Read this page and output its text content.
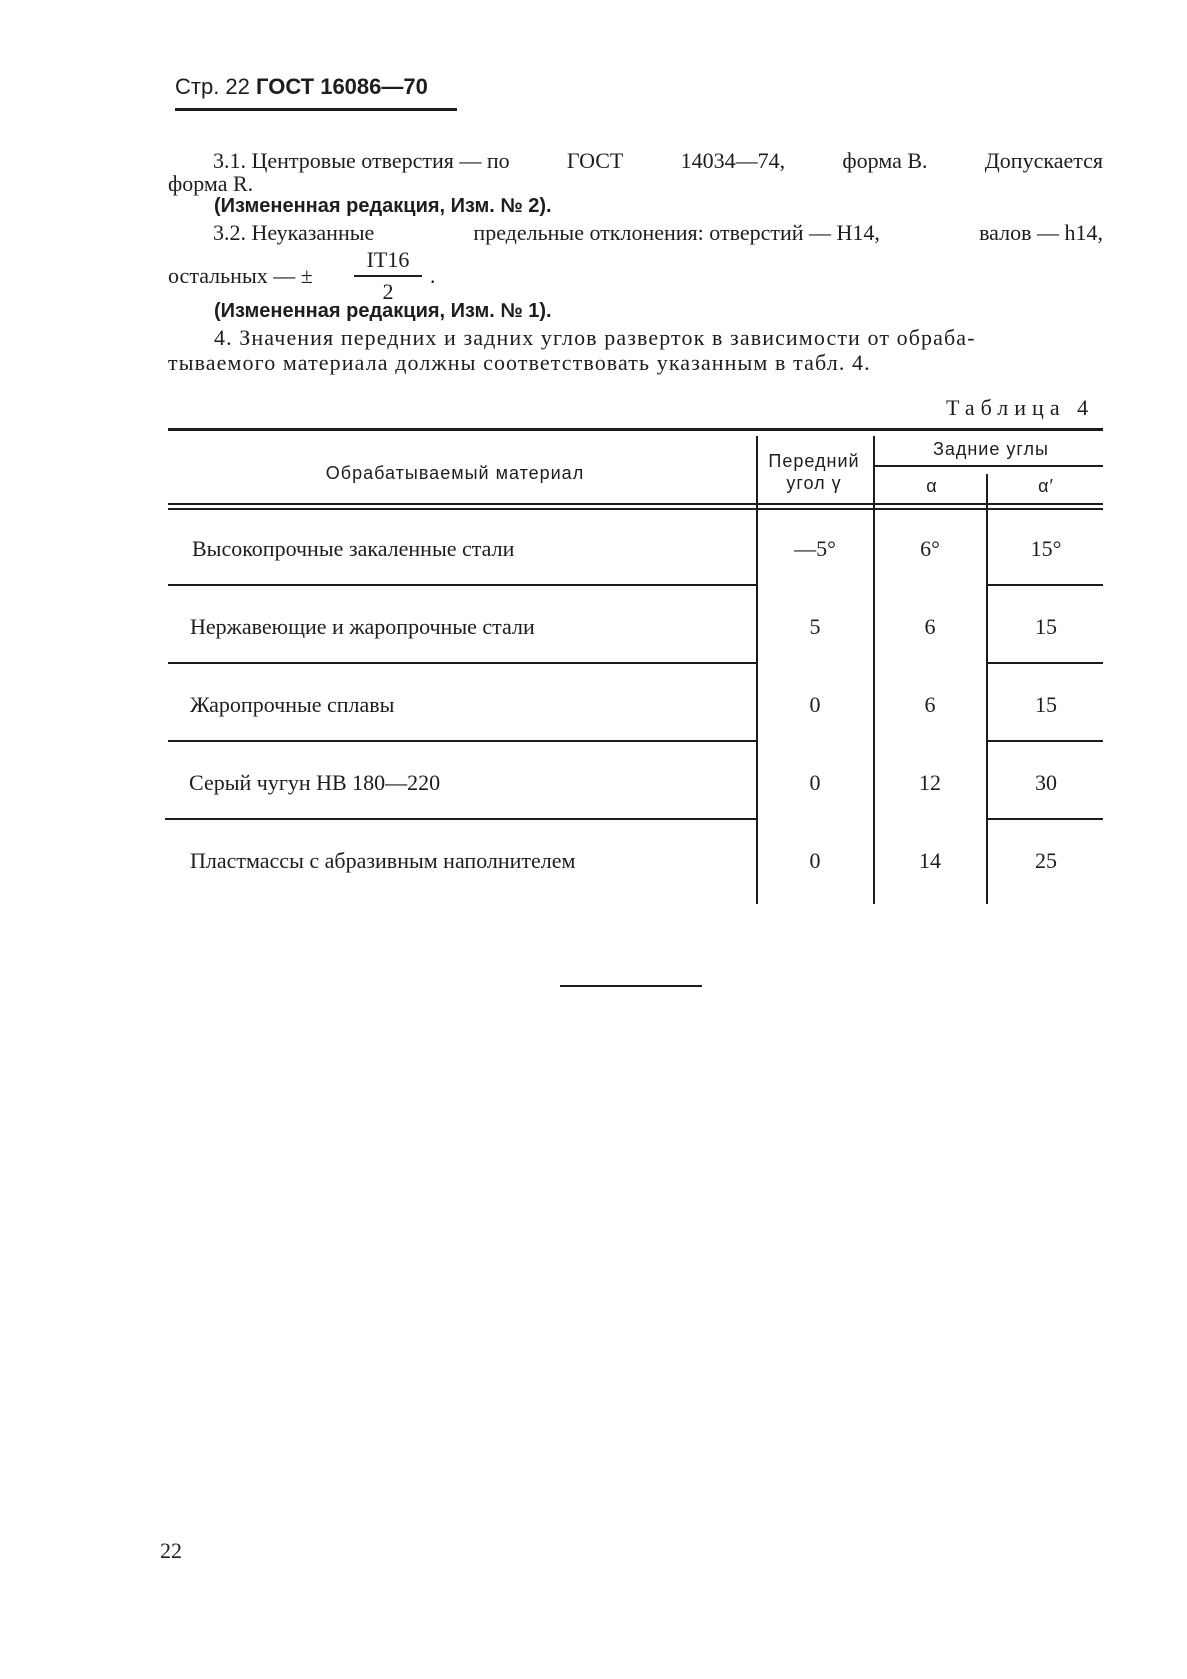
Стр. 22 ГОСТ 16086—70
3.1. Центровые отверстия — по	ГОСТ	14034—74,	форма В.	Допускается
форма R.
(Измененная редакция, Изм. № 2).
3.2. Неуказанные	предельные отклонения: отверстий — Н14,	валов — h14,
остальных — ±
IT16
2
.
(Измененная редакция, Изм. № 1).
4. Значения передних и задних углов разверток в зависимости от обраба-
тываемого материала должны соответствовать указанным в табл. 4.
Таблица 4
Обрабатываемый материал
Передний угол γ
Задние углы
α	α′
Высокопрочные закаленные стали	—5°	6°	15°
Нержавеющие и жаропрочные стали	5	6	15
Жаропрочные сплавы	0	6	15
Серый чугун НВ 180—220	0	12	30
Пластмассы с абразивным наполнителем	0	14	25
22
